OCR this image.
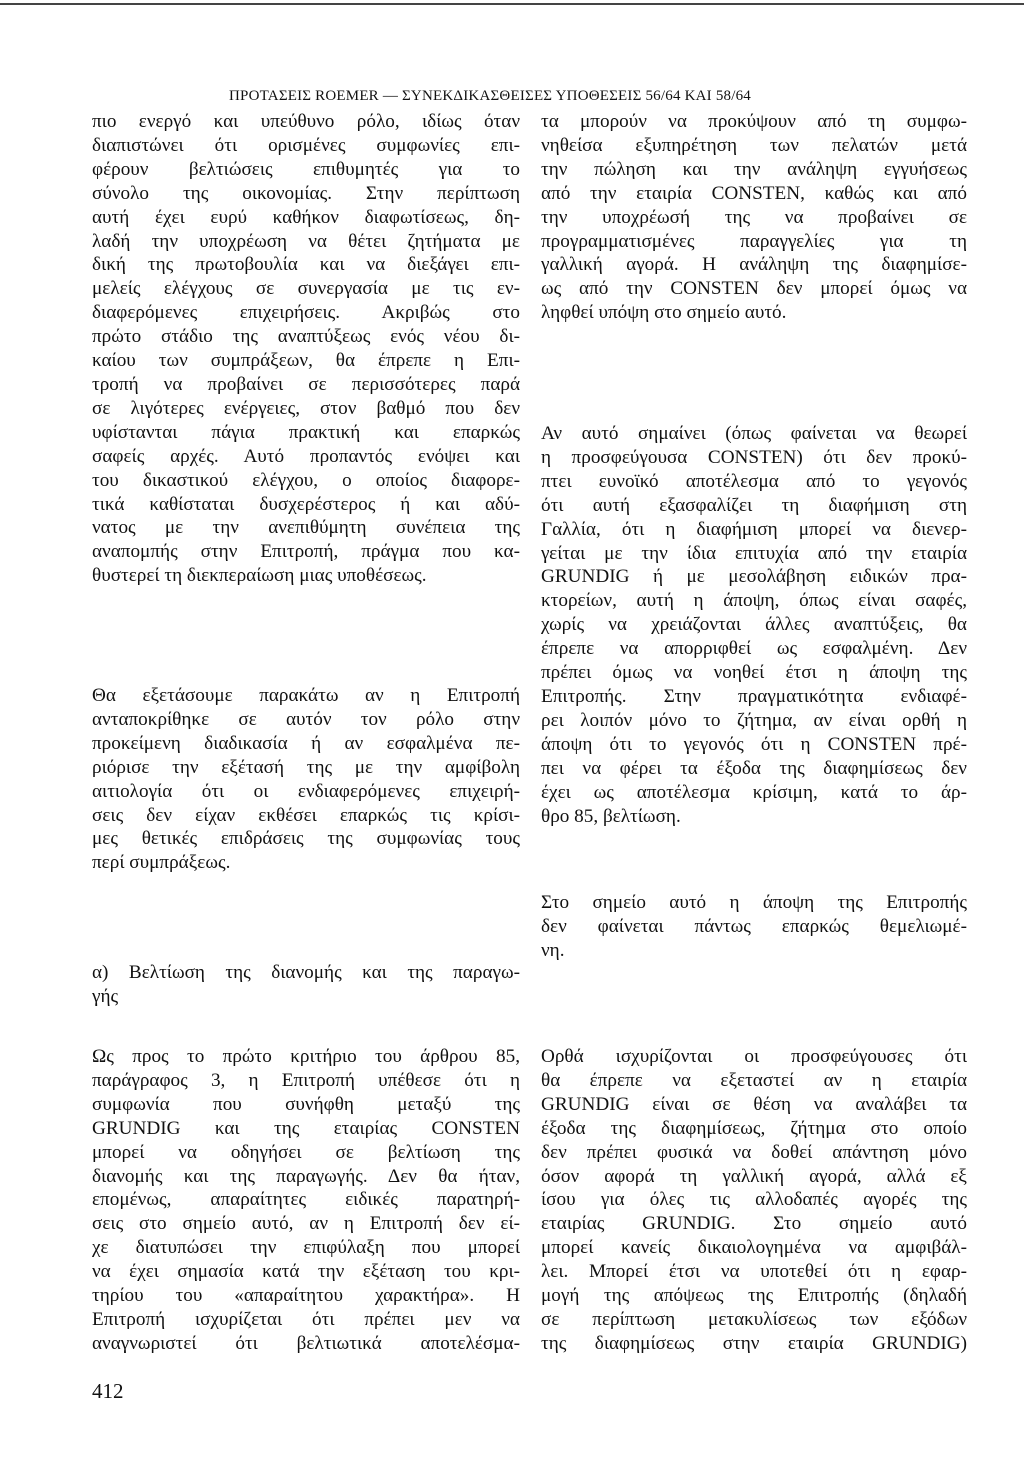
ΠΡΟΤΑΣΕΙΣ ROEMER — ΣΥΝΕΚΔΙΚΑΣΘΕΙΣΕΣ ΥΠΟΘΕΣΕΙΣ 56/64 ΚΑΙ 58/64
πιο ενεργό και υπεύθυνο ρόλο, ιδίως όταν
διαπιστώνει ότι ορισμένες συμφωνίες επι-
φέρουν βελτιώσεις επιθυμητές για το
σύνολο της οικονομίας. Στην περίπτωση
αυτή έχει ευρύ καθήκον διαφωτίσεως, δη-
λαδή την υποχρέωση να θέτει ζητήματα με
δική της πρωτοβουλία και να διεξάγει επι-
μελείς ελέγχους σε συνεργασία με τις εν-
διαφερόμενες επιχειρήσεις. Ακριβώς στο
πρώτο στάδιο της αναπτύξεως ενός νέου δι-
καίου των συμπράξεων, θα έπρεπε η Επι-
τροπή να προβαίνει σε περισσότερες παρά
σε λιγότερες ενέργειες, στον βαθμό που δεν
υφίστανται πάγια πρακτική και επαρκώς
σαφείς αρχές. Αυτό προπαντός ενόψει και
του δικαστικού ελέγχου, ο οποίος διαφορε-
τικά καθίσταται δυσχερέστερος ή και αδύ-
νατος με την ανεπιθύμητη συνέπεια της
αναπομπής στην Επιτροπή, πράγμα που κα-
θυστερεί τη διεκπεραίωση μιας υποθέσεως.
Θα εξετάσουμε παρακάτω αν η Επιτροπή
ανταποκρίθηκε σε αυτόν τον ρόλο στην
προκείμενη διαδικασία ή αν εσφαλμένα πε-
ριόρισε την εξέτασή της με την αμφίβολη
αιτιολογία ότι οι ενδιαφερόμενες επιχειρή-
σεις δεν είχαν εκθέσει επαρκώς τις κρίσι-
μες θετικές επιδράσεις της συμφωνίας τους
περί συμπράξεως.
α) Βελτίωση της διανομής και της παραγω-
γής
Ως προς το πρώτο κριτήριο του άρθρου 85,
παράγραφος 3, η Επιτροπή υπέθεσε ότι η
συμφωνία που συνήφθη μεταξύ της
GRUNDIG και της εταιρίας CONSTEN
μπορεί να οδηγήσει σε βελτίωση της
διανομής και της παραγωγής. Δεν θα ήταν,
επομένως, απαραίτητες ειδικές παρατηρή-
σεις στο σημείο αυτό, αν η Επιτροπή δεν εί-
χε διατυπώσει την επιφύλαξη που μπορεί
να έχει σημασία κατά την εξέταση του κρι-
τηρίου του «απαραίτητου χαρακτήρα». Η
Επιτροπή ισχυρίζεται ότι πρέπει μεν να
αναγνωριστεί ότι βελτιωτικά αποτελέσμα-
τα μπορούν να προκύψουν από τη συμφω-
νηθείσα εξυπηρέτηση των πελατών μετά
την πώληση και την ανάληψη εγγυήσεως
από την εταιρία CONSTEN, καθώς και από
την υποχρέωσή της να προβαίνει σε
προγραμματισμένες παραγγελίες για τη
γαλλική αγορά. Η ανάληψη της διαφημίσε-
ως από την CONSTEN δεν μπορεί όμως να
ληφθεί υπόψη στο σημείο αυτό.
Αν αυτό σημαίνει (όπως φαίνεται να θεωρεί
η προσφεύγουσα CONSTEN) ότι δεν προκύ-
πτει ευνοϊκό αποτέλεσμα από το γεγονός
ότι αυτή εξασφαλίζει τη διαφήμιση στη
Γαλλία, ότι η διαφήμιση μπορεί να διενερ-
γείται με την ίδια επιτυχία από την εταιρία
GRUNDIG ή με μεσολάβηση ειδικών πρα-
κτορείων, αυτή η άποψη, όπως είναι σαφές,
χωρίς να χρειάζονται άλλες αναπτύξεις, θα
έπρεπε να απορριφθεί ως εσφαλμένη. Δεν
πρέπει όμως να νοηθεί έτσι η άποψη της
Επιτροπής. Στην πραγματικότητα ενδιαφέ-
ρει λοιπόν μόνο το ζήτημα, αν είναι ορθή η
άποψη ότι το γεγονός ότι η CONSTEN πρέ-
πει να φέρει τα έξοδα της διαφημίσεως δεν
έχει ως αποτέλεσμα κρίσιμη, κατά το άρ-
θρο 85, βελτίωση.
Στο σημείο αυτό η άποψη της Επιτροπής
δεν φαίνεται πάντως επαρκώς θεμελιωμέ-
νη.
Ορθά ισχυρίζονται οι προσφεύγουσες ότι
θα έπρεπε να εξεταστεί αν η εταιρία
GRUNDIG είναι σε θέση να αναλάβει τα
έξοδα της διαφημίσεως, ζήτημα στο οποίο
δεν πρέπει φυσικά να δοθεί απάντηση μόνο
όσον αφορά τη γαλλική αγορά, αλλά εξ
ίσου για όλες τις αλλοδαπές αγορές της
εταιρίας GRUNDIG. Στο σημείο αυτό
μπορεί κανείς δικαιολογημένα να αμφιβάλ-
λει. Μπορεί έτσι να υποτεθεί ότι η εφαρ-
μογή της απόψεως της Επιτροπής (δηλαδή
σε περίπτωση μετακυλίσεως των εξόδων
της διαφημίσεως στην εταιρία GRUNDIG)
412
